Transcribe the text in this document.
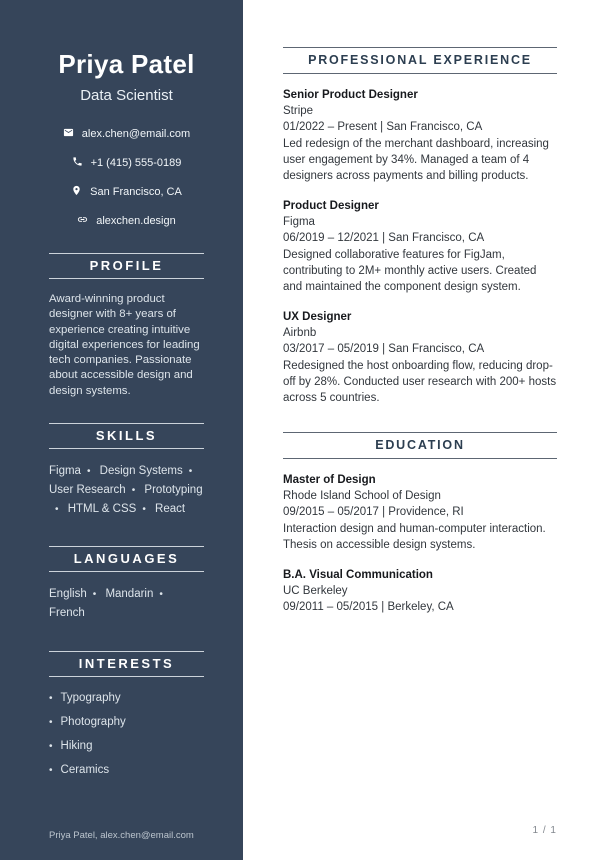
Priya Patel
Data Scientist
alex.chen@email.com
+1 (415) 555-0189
San Francisco, CA
alexchen.design
PROFILE

Award-winning product designer with 8+ years of experience creating intuitive digital experiences for leading tech companies. Passionate about accessible design and design systems.

SKILLS
Figma • Design Systems • User Research • Prototyping• HTML & CSS • React
LANGUAGES
English • Mandarin • French
INTERESTS
• Typography
• Photography
• Hiking
• Ceramics
Priya Patel, alex.chen@email.com
PROFESSIONAL EXPERIENCE
Senior Product Designer
Stripe
01/2022 – Present | San Francisco, CA

Led redesign of the merchant dashboard, increasing user engagement by 34%. Managed a team of 4 designers across payments and billing products.

Product Designer
Figma
06/2019 – 12/2021 | San Francisco, CA

Designed collaborative features for FigJam, contributing to 2M+ monthly active users. Created and maintained the component design system.

UX Designer
Airbnb
03/2017 – 05/2019 | San Francisco, CA

Redesigned the host onboarding flow, reducing drop-off by 28%. Conducted user research with 200+ hosts across 5 countries.

EDUCATION
Master of Design
Rhode Island School of Design
09/2015 – 05/2017 | Providence, RI

Interaction design and human-computer interaction. Thesis on accessible design systems.

B.A. Visual Communication
UC Berkeley
09/2011 – 05/2015 | Berkeley, CA
1 / 1
